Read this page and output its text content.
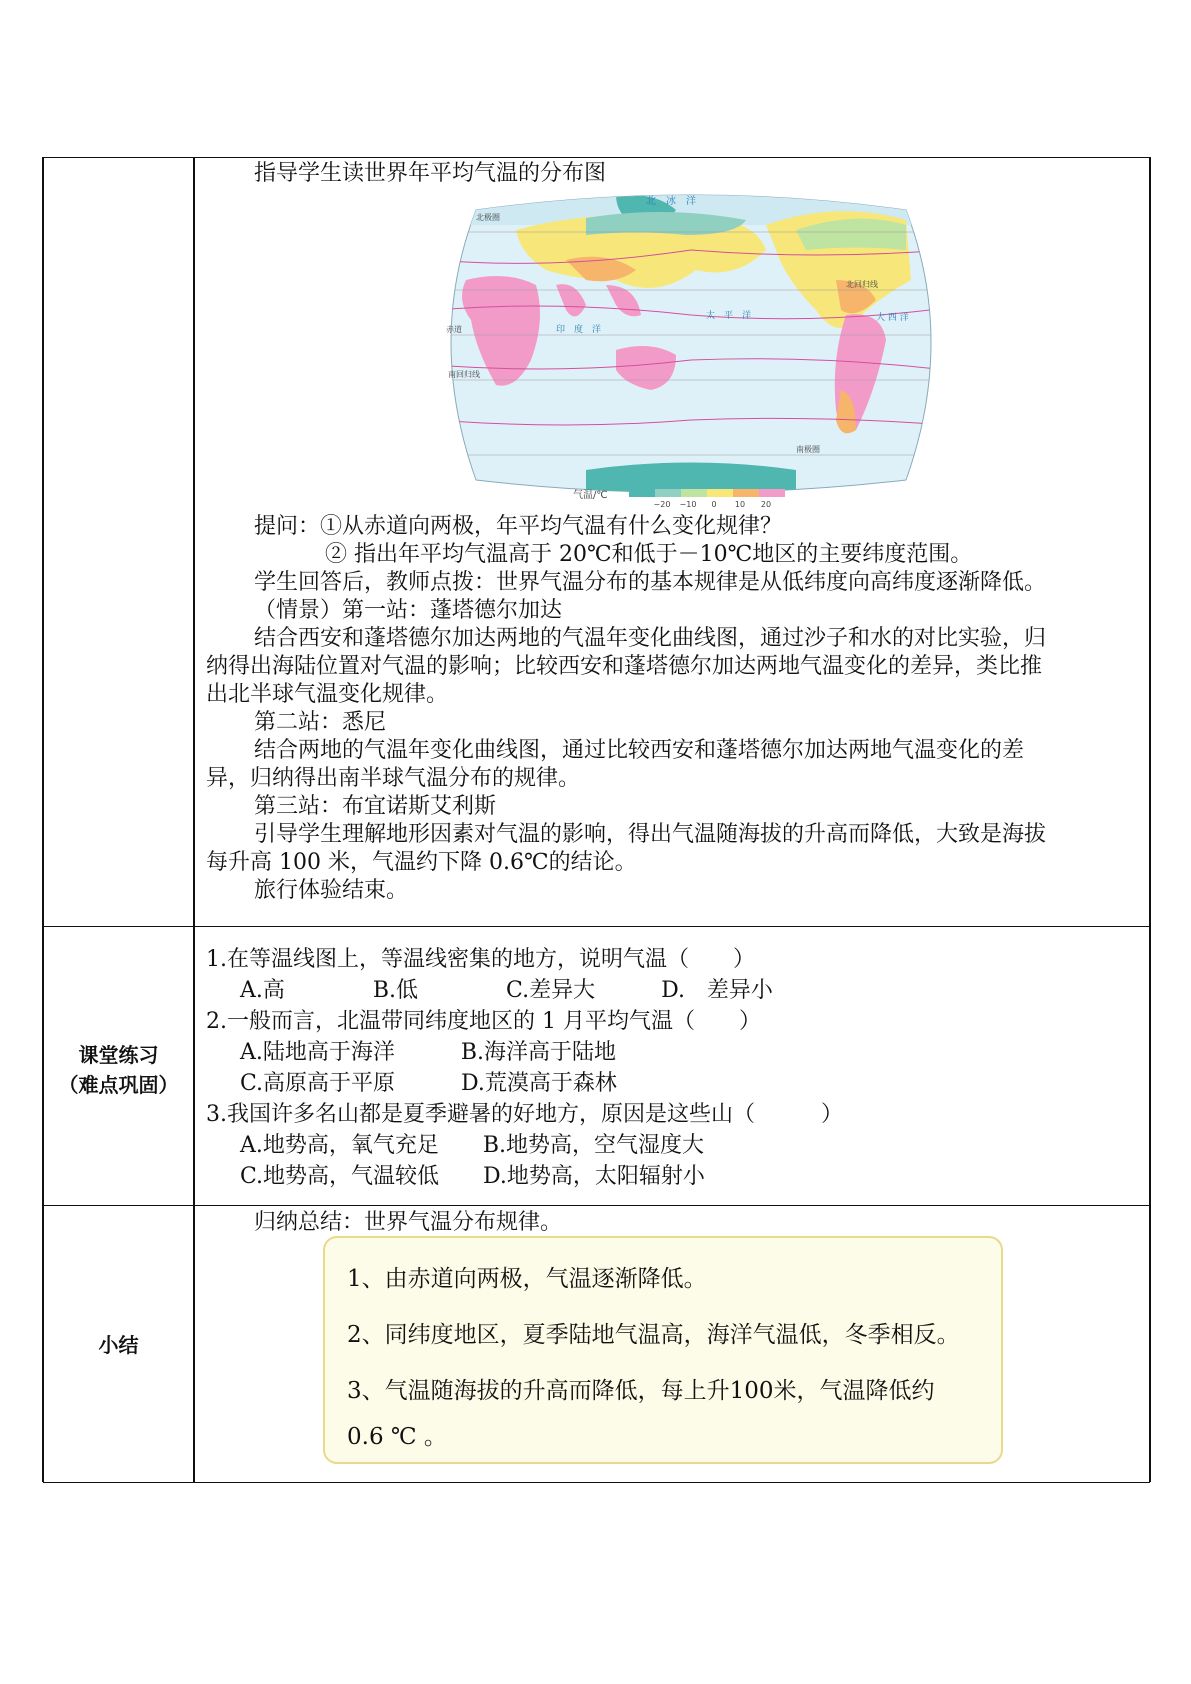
指导学生读世界年平均气温的分布图
北　冰　洋
北极圈
北回归线
赤道
南回归线
南极圈
印　度　洋
太　平　洋	大 西 洋
气温/℃
−20	−10	0	10	20
提问：①从赤道向两极，年平均气温有什么变化规律？
② 指出年平均气温高于 20℃和低于－10℃地区的主要纬度范围。
学生回答后，教师点拨：世界气温分布的基本规律是从低纬度向高纬度逐渐降低。
（情景）第一站：蓬塔德尔加达
结合西安和蓬塔德尔加达两地的气温年变化曲线图，通过沙子和水的对比实验，归
纳得出海陆位置对气温的影响；比较西安和蓬塔德尔加达两地气温变化的差异，类比推
出北半球气温变化规律。
第二站：悉尼
结合两地的气温年变化曲线图，通过比较西安和蓬塔德尔加达两地气温变化的差
异，归纳得出南半球气温分布的规律。
第三站：布宜诺斯艾利斯
引导学生理解地形因素对气温的影响，得出气温随海拔的升高而降低，大致是海拔
每升高 100 米，气温约下降 0.6℃的结论。
旅行体验结束。
课堂练习
（难点巩固）
1.在等温线图上，等温线密集的地方，说明气温（　　）
A.高　　　　B.低　　　　C.差异大　　　D.　差异小
2.一般而言，北温带同纬度地区的 1 月平均气温（　　）
A.陆地高于海洋　　　B.海洋高于陆地
C.高原高于平原　　　D.荒漠高于森林
3.我国许多名山都是夏季避暑的好地方，原因是这些山（　　　）
A.地势高，氧气充足　　B.地势高，空气湿度大
C.地势高，气温较低　　D.地势高，太阳辐射小
小结
归纳总结：世界气温分布规律。
1、由赤道向两极，气温逐渐降低。
2、同纬度地区，夏季陆地气温高，海洋气温低，冬季相反。
3、气温随海拔的升高而降低，每上升100米，气温降低约
0.6 ℃ 。
